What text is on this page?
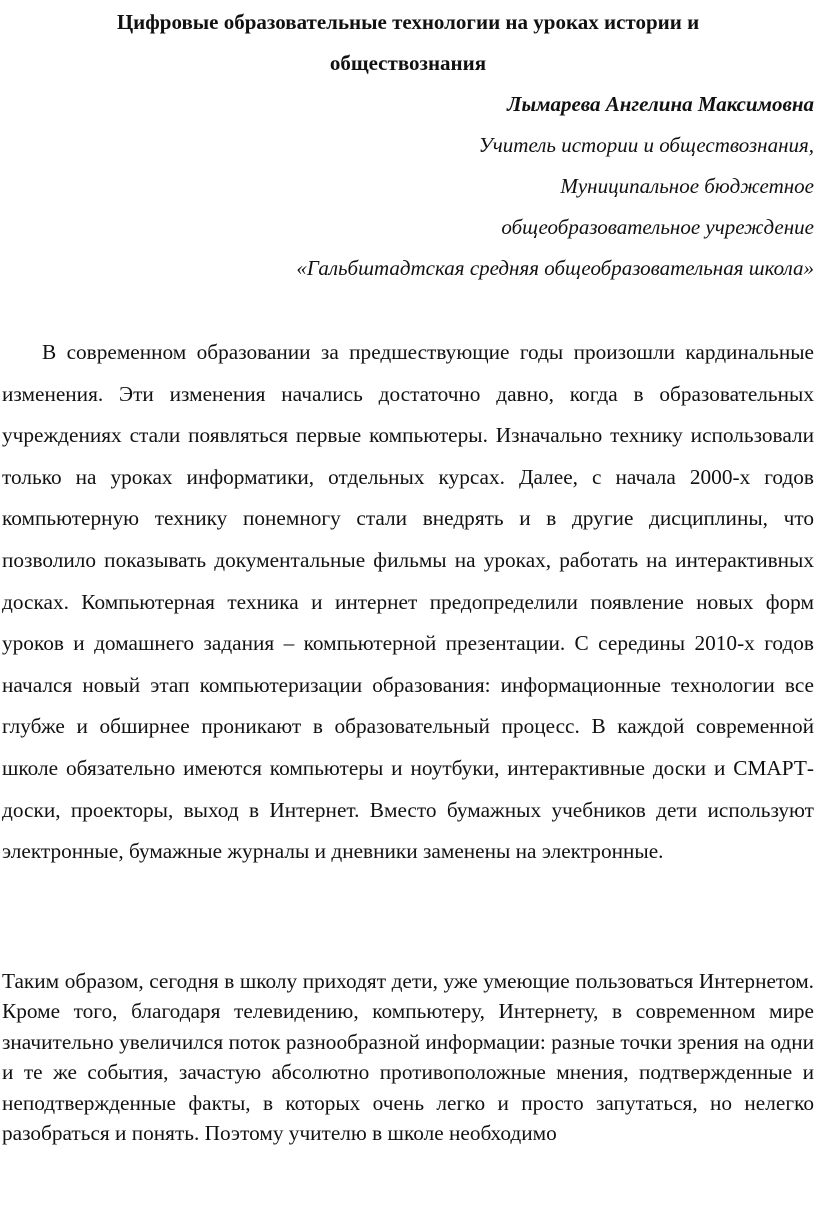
Цифровые образовательные технологии на уроках истории и
обществознания
Лымарева Ангелина Максимовна
Учитель истории и обществознания,
Муниципальное бюджетное
общеобразовательное учреждение
«Гальбштадтская средняя общеобразовательная школа»

В современном образовании за предшествующие годы произошли кардинальные изменения. Эти изменения начались достаточно давно, когда в образовательных учреждениях стали появляться первые компьютеры. Изначально технику использовали только на уроках информатики, отдельных курсах. Далее, с начала 2000-х годов компьютерную технику понемногу стали внедрять и в другие дисциплины, что позволило показывать документальные фильмы на уроках, работать на интерактивных досках. Компьютерная техника и интернет предопределили появление новых форм уроков и домашнего задания – компьютерной презентации. С середины 2010-х годов начался новый этап компьютеризации образования: информационные технологии все глубже и обширнее проникают в образовательный процесс. В каждой современной школе обязательно имеются компьютеры и ноутбуки, интерактивные доски и СМАРТ-доски, проекторы, выход в Интернет. Вместо бумажных учебников дети используют электронные, бумажные журналы и дневники заменены на электронные.

Таким образом, сегодня в школу приходят дети, уже умеющие пользоваться Интернетом. Кроме того, благодаря телевидению, компьютеру, Интернету, в современном мире значительно увеличился поток разнообразной информации: разные точки зрения на одни и те же события, зачастую абсолютно противоположные мнения, подтвержденные и неподтвержденные факты, в которых очень легко и просто запутаться, но нелегко разобраться и понять. Поэтому учителю в школе необходимо
